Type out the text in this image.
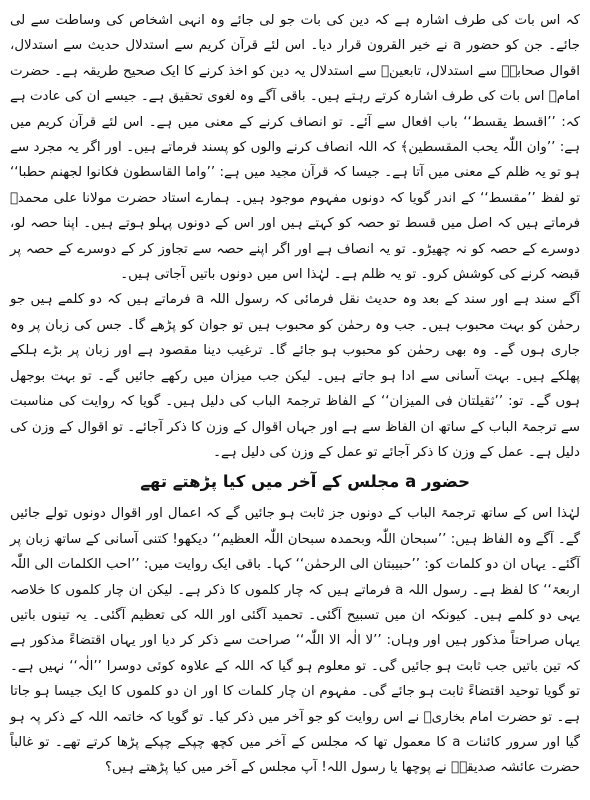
کہ اس بات کی طرف اشارہ ہے کہ دین کی بات جو لی جائے وہ انہی اشخاص کی وساطت سے لی جائے۔ جن کو حضور a نے خیر القرون قرار دیا۔ اس لئے قرآن کریم سے استدلال حدیث سے استدلال، اقوال صحابہؓ سے استدلال، تابعینؒ سے استدلال یہ دین کو اخذ کرنے کا ایک صحیح طریقہ ہے۔ حضرت امامؒ اس بات کی طرف اشارہ کرتے رہتے ہیں۔ باقی آگے وہ لغوی تحقیق ہے۔ جیسے ان کی عادت ہے کہ: ’’اقسط یقسط‘‘ باب افعال سے آئے۔ تو انصاف کرنے کے معنی میں ہے۔ اس لئے قرآن کریم میں ہے: ’’وان اللّٰہ یحب المقسطین﴾ کہ اللہ انصاف کرنے والوں کو پسند فرماتے ہیں۔ اور اگر یہ مجرد سے ہو تو یہ ظلم کے معنی میں آتا ہے۔ جیسا کہ قرآن مجید میں ہے: ’’واما القاسطون فکانوا لجھنم حطبا‘‘ تو لفظ ’’مقسط‘‘ کے اندر گویا کہ دونوں مفہوم موجود ہیں۔ ہمارے استاد حضرت مولانا علی محمدؒ فرماتے ہیں کہ اصل میں قسط تو حصہ کو کہتے ہیں اور اس کے دونوں پہلو ہوتے ہیں۔ اپنا حصہ لو، دوسرے کے حصہ کو نہ چھیڑو۔ تو یہ انصاف ہے اور اگر اپنے حصہ سے تجاوز کر کے دوسرے کے حصہ پر قبضہ کرنے کی کوشش کرو۔ تو یہ ظلم ہے۔ لہٰذا اس میں دونوں باتیں آجاتی ہیں۔

آگے سند ہے اور سند کے بعد وہ حدیث نقل فرمائی کہ رسول اللہ a فرماتے ہیں کہ دو کلمے ہیں جو رحمٰن کو بہت محبوب ہیں۔ جب وہ رحمٰن کو محبوب ہیں تو جوان کو پڑھے گا۔ جس کی زبان پر وہ جاری ہوں گے۔ وہ بھی رحمٰن کو محبوب ہو جائے گا۔ ترغیب دینا مقصود ہے اور زبان پر بڑے ہلکے پھلکے ہیں۔ بہت آسانی سے ادا ہو جاتے ہیں۔ لیکن جب میزان میں رکھے جائیں گے۔ تو بہت بوجھل ہوں گے۔ تو: ’’ثقیلتان فی المیزان‘‘ کے الفاظ ترجمۃ الباب کی دلیل ہیں۔ گویا کہ روایت کی مناسبت سے ترجمۃ الباب کے ساتھ ان الفاظ سے ہے اور جہاں اقوال کے وزن کا ذکر آجائے۔ تو اقوال کے وزن کی دلیل ہے۔ عمل کے وزن کا ذکر آجائے تو عمل کے وزن کی دلیل ہے۔

حضور a مجلس کے آخر میں کیا پڑھتے تھے

لہٰذا اس کے ساتھ ترجمۃ الباب کے دونوں جز ثابت ہو جائیں گے کہ اعمال اور اقوال دونوں تولے جائیں گے۔ آگے وہ الفاظ ہیں: ’’سبحان اللّٰہ وبحمدہ سبحان اللّٰہ العظیم‘‘ دیکھو! کتنی آسانی کے ساتھ زبان پر آگئے۔ یہاں ان دو کلمات کو: ’’حبیبتان الی الرحمٰن‘‘ کہا۔ باقی ایک روایت میں: ’’احب الکلمات الی اللّٰہ اربعۃ‘‘ کا لفظ ہے۔ رسول اللہ a فرماتے ہیں کہ چار کلموں کا ذکر ہے۔ لیکن ان چار کلموں کا خلاصہ یہی دو کلمے ہیں۔ کیونکہ ان میں تسبیح آگئی۔ تحمید آگئی اور اللہ کی تعظیم آگئی۔ یہ تینوں باتیں یہاں صراحتاً مذکور ہیں اور وہاں: ’’لا الٰہ الا اللّٰہ‘‘ صراحت سے ذکر کر دیا اور یہاں اقتضاءً مذکور ہے کہ تین باتیں جب ثابت ہو جائیں گی۔ تو معلوم ہو گیا کہ اللہ کے علاوہ کوئی دوسرا ’’الٰہ‘‘ نہیں ہے۔ تو گویا توحید اقتضاءً ثابت ہو جائے گی۔ مفہوم ان چار کلمات کا اور ان دو کلموں کا ایک جیسا ہو جاتا ہے۔ تو حضرت امام بخاریؒ نے اس روایت کو جو آخر میں ذکر کیا۔ تو گویا کہ خاتمہ اللہ کے ذکر پہ ہو گیا اور سرور کائنات a کا معمول تھا کہ مجلس کے آخر میں کچھ چپکے چپکے پڑھا کرتے تھے۔ تو غالباً حضرت عائشہ صدیقہؓ نے پوچھا یا رسول اللہ! آپ مجلس کے آخر میں کیا پڑھتے ہیں؟
